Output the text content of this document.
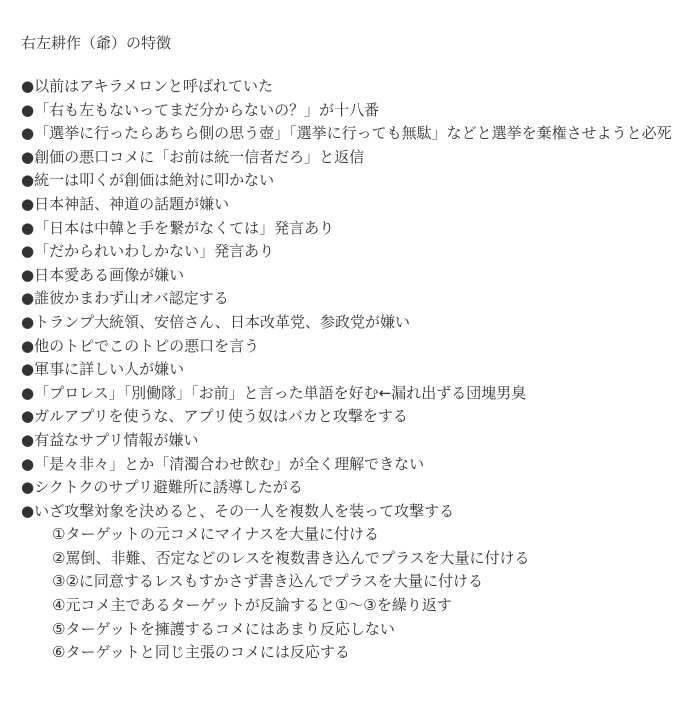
右左耕作（爺）の特徴
●以前はアキラメロンと呼ばれていた
●「右も左もないってまだ分からないの？」が十八番
●「選挙に行ったらあちら側の思う壺」「選挙に行っても無駄」などと選挙を棄権させようと必死
●創価の悪口コメに「お前は統一信者だろ」と返信
●統一は叩くが創価は絶対に叩かない
●日本神話、神道の話題が嫌い
●「日本は中韓と手を繋がなくては」発言あり
●「だかられいわしかない」発言あり
●日本愛ある画像が嫌い
●誰彼かまわず山オバ認定する
●トランプ大統領、安倍さん、日本改革党、参政党が嫌い
●他のトピでこのトピの悪口を言う
●軍事に詳しい人が嫌い
●「プロレス」「別働隊」「お前」と言った単語を好む←漏れ出ずる団塊男臭
●ガルアプリを使うな、アプリ使う奴はバカと攻撃をする
●有益なサプリ情報が嫌い
●「是々非々」とか「清濁合わせ飲む」が全く理解できない
●シクトクのサプリ避難所に誘導したがる
●いざ攻撃対象を決めると、その一人を複数人を装って攻撃する
①ターゲットの元コメにマイナスを大量に付ける
②罵倒、非難、否定などのレスを複数書き込んでプラスを大量に付ける
③②に同意するレスもすかさず書き込んでプラスを大量に付ける
④元コメ主であるターゲットが反論すると①〜③を繰り返す
⑤ターゲットを擁護するコメにはあまり反応しない
⑥ターゲットと同じ主張のコメには反応する
